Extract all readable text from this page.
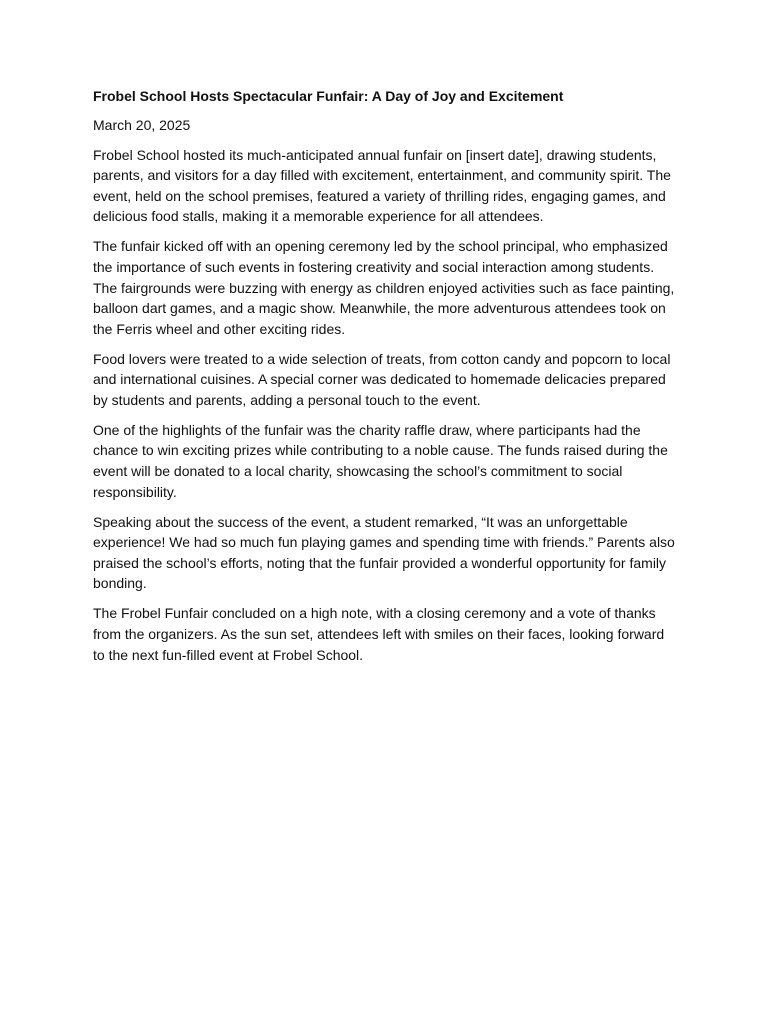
Frobel School Hosts Spectacular Funfair: A Day of Joy and Excitement
March 20, 2025
Frobel School hosted its much-anticipated annual funfair on [insert date], drawing students, parents, and visitors for a day filled with excitement, entertainment, and community spirit. The event, held on the school premises, featured a variety of thrilling rides, engaging games, and delicious food stalls, making it a memorable experience for all attendees.
The funfair kicked off with an opening ceremony led by the school principal, who emphasized the importance of such events in fostering creativity and social interaction among students. The fairgrounds were buzzing with energy as children enjoyed activities such as face painting, balloon dart games, and a magic show. Meanwhile, the more adventurous attendees took on the Ferris wheel and other exciting rides.
Food lovers were treated to a wide selection of treats, from cotton candy and popcorn to local and international cuisines. A special corner was dedicated to homemade delicacies prepared by students and parents, adding a personal touch to the event.
One of the highlights of the funfair was the charity raffle draw, where participants had the chance to win exciting prizes while contributing to a noble cause. The funds raised during the event will be donated to a local charity, showcasing the school’s commitment to social responsibility.
Speaking about the success of the event, a student remarked, “It was an unforgettable experience! We had so much fun playing games and spending time with friends.” Parents also praised the school’s efforts, noting that the funfair provided a wonderful opportunity for family bonding.
The Frobel Funfair concluded on a high note, with a closing ceremony and a vote of thanks from the organizers. As the sun set, attendees left with smiles on their faces, looking forward to the next fun-filled event at Frobel School.
